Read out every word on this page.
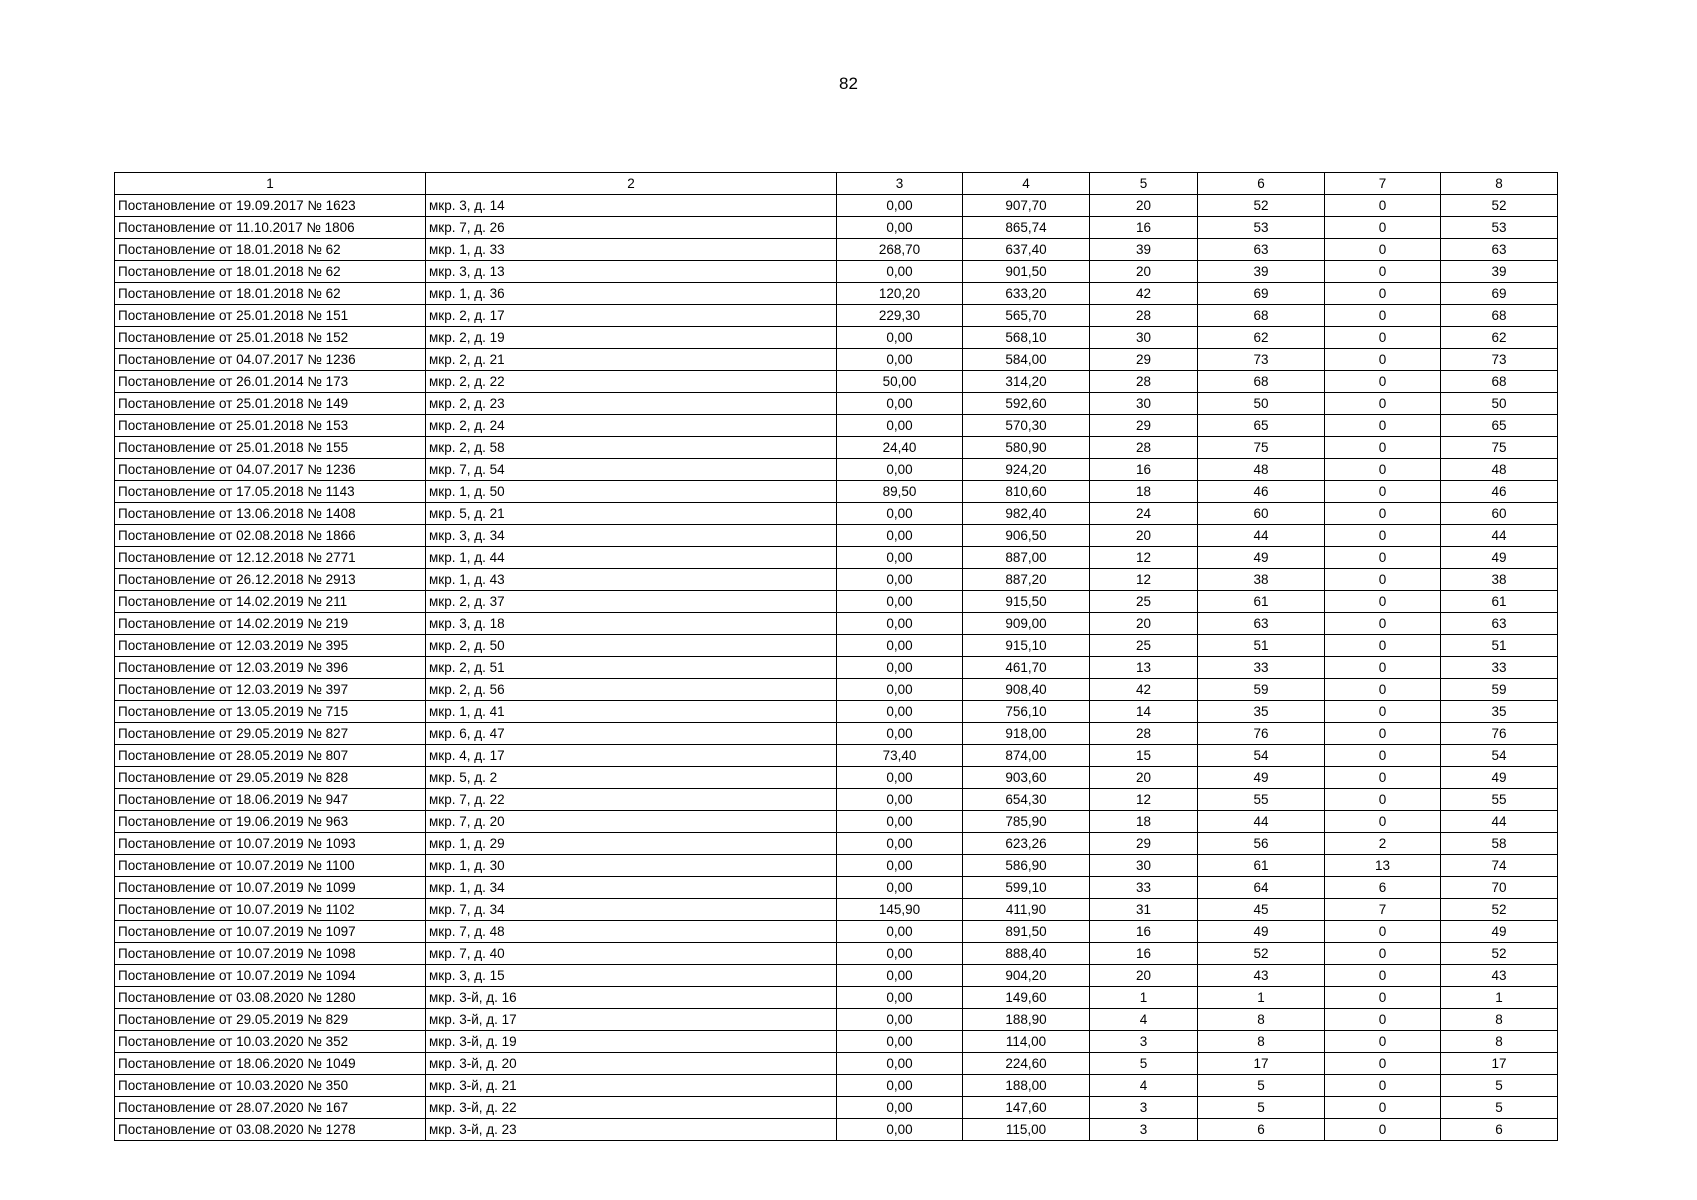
82
1	2	3	4	5	6	7	8
Постановление от 19.09.2017 № 1623	мкр. 3, д. 14	0,00	907,70	20	52	0	52
Постановление от 11.10.2017 № 1806	мкр. 7, д. 26	0,00	865,74	16	53	0	53
Постановление от 18.01.2018 № 62	мкр. 1, д. 33	268,70	637,40	39	63	0	63
Постановление от 18.01.2018 № 62	мкр. 3, д. 13	0,00	901,50	20	39	0	39
Постановление от 18.01.2018 № 62	мкр. 1, д. 36	120,20	633,20	42	69	0	69
Постановление от 25.01.2018 № 151	мкр. 2, д. 17	229,30	565,70	28	68	0	68
Постановление от 25.01.2018 № 152	мкр. 2, д. 19	0,00	568,10	30	62	0	62
Постановление от 04.07.2017 № 1236	мкр. 2, д. 21	0,00	584,00	29	73	0	73
Постановление от 26.01.2014 № 173	мкр. 2, д. 22	50,00	314,20	28	68	0	68
Постановление от 25.01.2018 № 149	мкр. 2, д. 23	0,00	592,60	30	50	0	50
Постановление от 25.01.2018 № 153	мкр. 2, д. 24	0,00	570,30	29	65	0	65
Постановление от 25.01.2018 № 155	мкр. 2, д. 58	24,40	580,90	28	75	0	75
Постановление от 04.07.2017 № 1236	мкр. 7, д. 54	0,00	924,20	16	48	0	48
Постановление от 17.05.2018 № 1143	мкр. 1, д. 50	89,50	810,60	18	46	0	46
Постановление от 13.06.2018 № 1408	мкр. 5, д. 21	0,00	982,40	24	60	0	60
Постановление от 02.08.2018 № 1866	мкр. 3, д. 34	0,00	906,50	20	44	0	44
Постановление от 12.12.2018 № 2771	мкр. 1, д. 44	0,00	887,00	12	49	0	49
Постановление от 26.12.2018 № 2913	мкр. 1, д. 43	0,00	887,20	12	38	0	38
Постановление от 14.02.2019 № 211	мкр. 2, д. 37	0,00	915,50	25	61	0	61
Постановление от 14.02.2019 № 219	мкр. 3, д. 18	0,00	909,00	20	63	0	63
Постановление от 12.03.2019 № 395	мкр. 2, д. 50	0,00	915,10	25	51	0	51
Постановление от 12.03.2019 № 396	мкр. 2, д. 51	0,00	461,70	13	33	0	33
Постановление от 12.03.2019 № 397	мкр. 2, д. 56	0,00	908,40	42	59	0	59
Постановление от 13.05.2019 № 715	мкр. 1, д. 41	0,00	756,10	14	35	0	35
Постановление от 29.05.2019 № 827	мкр. 6, д. 47	0,00	918,00	28	76	0	76
Постановление от 28.05.2019 № 807	мкр. 4, д. 17	73,40	874,00	15	54	0	54
Постановление от 29.05.2019 № 828	мкр. 5, д. 2	0,00	903,60	20	49	0	49
Постановление от 18.06.2019 № 947	мкр. 7, д. 22	0,00	654,30	12	55	0	55
Постановление от 19.06.2019 № 963	мкр. 7, д. 20	0,00	785,90	18	44	0	44
Постановление от 10.07.2019 № 1093	мкр. 1, д. 29	0,00	623,26	29	56	2	58
Постановление от 10.07.2019 № 1100	мкр. 1, д. 30	0,00	586,90	30	61	13	74
Постановление от 10.07.2019 № 1099	мкр. 1, д. 34	0,00	599,10	33	64	6	70
Постановление от 10.07.2019 № 1102	мкр. 7, д. 34	145,90	411,90	31	45	7	52
Постановление от 10.07.2019 № 1097	мкр. 7, д. 48	0,00	891,50	16	49	0	49
Постановление от 10.07.2019 № 1098	мкр. 7, д. 40	0,00	888,40	16	52	0	52
Постановление от 10.07.2019 № 1094	мкр. 3, д. 15	0,00	904,20	20	43	0	43
Постановление от 03.08.2020 № 1280	мкр. 3-й, д. 16	0,00	149,60	1	1	0	1
Постановление от 29.05.2019 № 829	мкр. 3-й, д. 17	0,00	188,90	4	8	0	8
Постановление от 10.03.2020 № 352	мкр. 3-й, д. 19	0,00	114,00	3	8	0	8
Постановление от 18.06.2020 № 1049	мкр. 3-й, д. 20	0,00	224,60	5	17	0	17
Постановление от 10.03.2020 № 350	мкр. 3-й, д. 21	0,00	188,00	4	5	0	5
Постановление от 28.07.2020 № 167	мкр. 3-й, д. 22	0,00	147,60	3	5	0	5
Постановление от 03.08.2020 № 1278	мкр. 3-й, д. 23	0,00	115,00	3	6	0	6
